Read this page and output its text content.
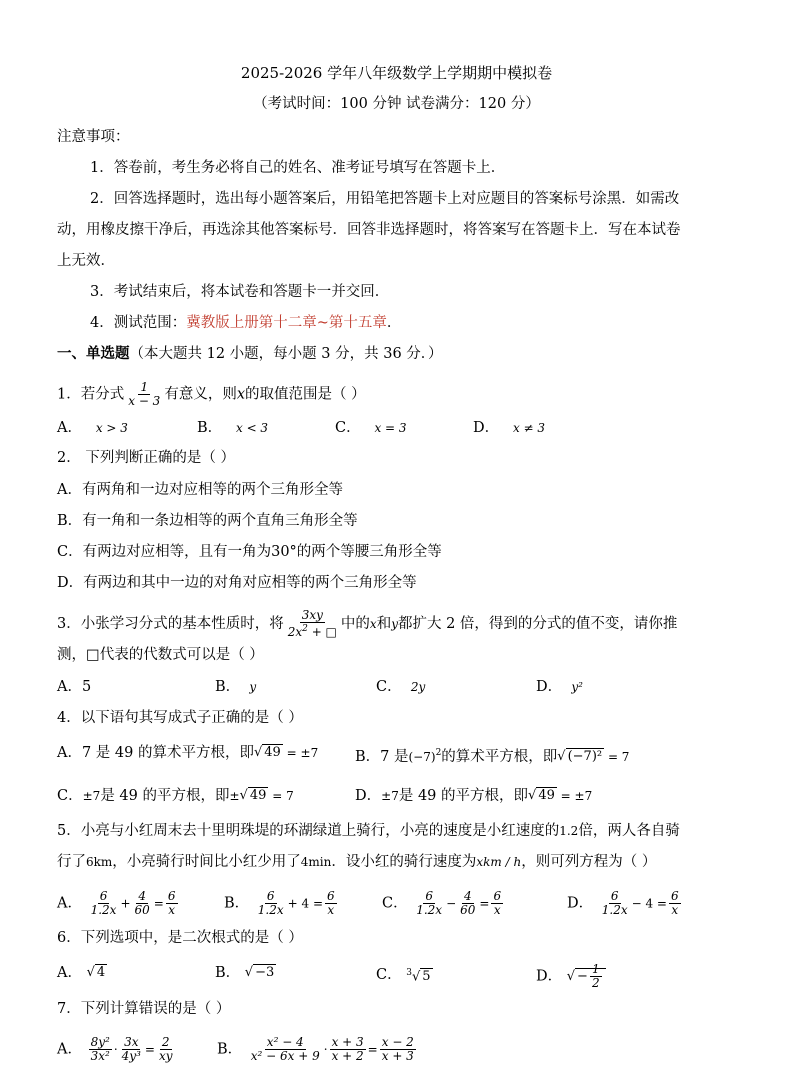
2025-2026 学年八年级数学上学期期中模拟卷
（考试时间：100 分钟 试卷满分：120 分）
注意事项：
1．答卷前，考生务必将自己的姓名、准考证号填写在答题卡上．
2．回答选择题时，选出每小题答案后，用铅笔把答题卡上对应题目的答案标号涂黑．如需改
动，用橡皮擦干净后，再选涂其他答案标号．回答非选择题时，将答案写在答题卡上．写在本试卷
上无效．
3．考试结束后，将本试卷和答题卡一并交回．
4．测试范围：冀教版上册第十二章~第十五章．
一、单选题（本大题共 12 小题，每小题 3 分，共 36 分．）
1．若分式 $\frac{1}{x - 3}$ 有意义，则x的取值范围是（ ）
A． x > 3	B． x < 3	C． x = 3	D． x ≠ 3
2． 下列判断正确的是（ ）
A．有两角和一边对应相等的两个三角形全等
B．有一角和一条边相等的两个直角三角形全等
C．有两边对应相等，且有一角为30°的两个等腰三角形全等
D．有两边和其中一边的对角对应相等的两个三角形全等
3．小张学习分式的基本性质时，将 $\frac{3xy}{2x^2 + □}$ 中的x和y都扩大 2 倍，得到的分式的值不变，请你推
测，□代表的代数式可以是（ ）
A．5	B． y	C． 2y	D． y²
4．以下语句其写成式子正确的是（ ）
A．7 是 49 的算术平方根，即√ 49 = ±7	B．7 是$(-7)^2$的算术平方根，即√ (−7)² = 7
C．±7是 49 的平方根，即±√ 49 = 7	D．±7是 49 的平方根，即√ 49 = ±7
5．小亮与小红周末去十里明珠堤的环湖绿道上骑行，小亮的速度是小红速度的1.2倍，两人各自骑
行了6km，小亮骑行时间比小红少用了4min．设小红的骑行速度为xkm / h，则可列方程为（ ）
A． $\frac{6}{1.2x} + \frac{4}{60} = \frac{6}{x}$	B． $\frac{6}{1.2x} + 4 = \frac{6}{x}$	C． $\frac{6}{1.2x} - \frac{4}{60} = \frac{6}{x}$	D． $\frac{6}{1.2x} - 4 = \frac{6}{x}$
6．下列选项中，是二次根式的是（ ）
A． √ 4	B． √ −3	C． $^3$√ 5	D． √ − $\frac{1}{2}$
7．下列计算错误的是（ ）
A． $\frac{\text{8y²}}{\text{3x²}} \cdot \frac{3x}{\text{4y³}} = \frac{2}{xy}$	B． $\frac{\text{x² − 4}}{\text{x² − 6x + 9}} \cdot \frac{x + 3}{x + 2} = \frac{x - 2}{x + 3}$
